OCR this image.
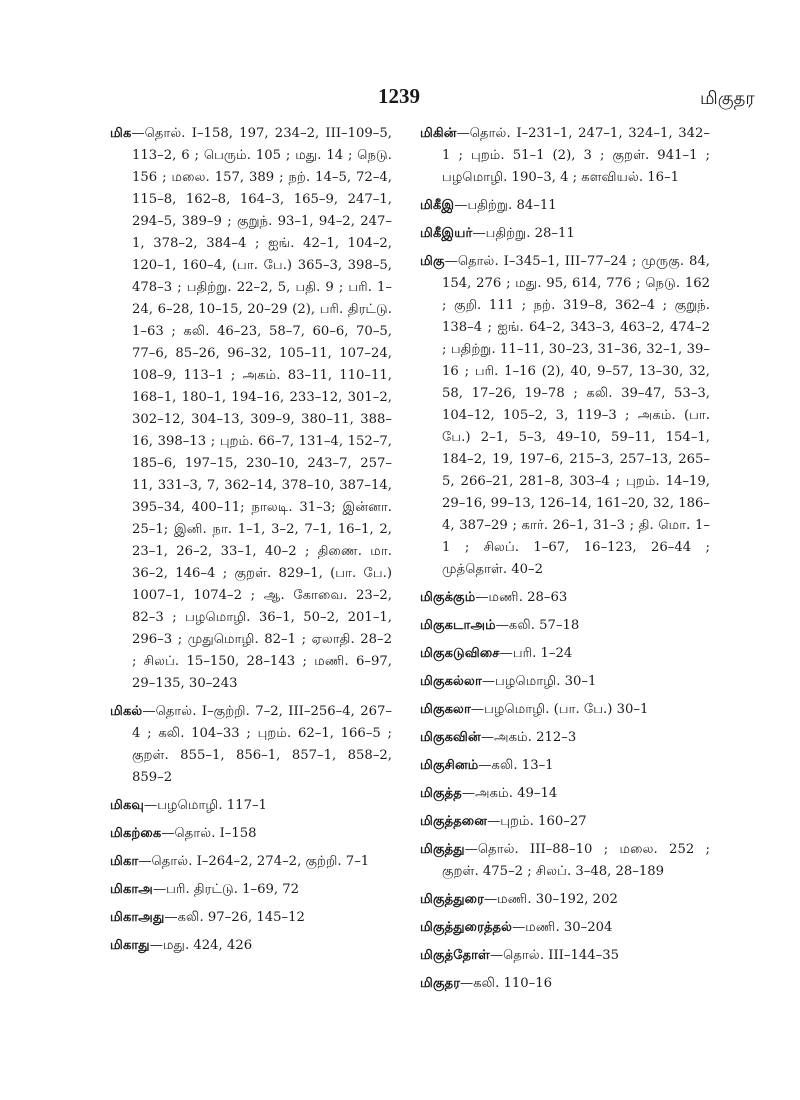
1239	மிகுதர

மிக—தொல். I–158, 197, 234–2, III–109–5, 113–2, 6 ; பெரும். 105 ; மது. 14 ; நெடு. 156 ; மலை. 157, 389 ; நற். 14–5, 72–4, 115–8, 162–8, 164–3, 165–9, 247–1, 294–5, 389–9 ; குறுந். 93–1, 94–2, 247–1, 378–2, 384–4 ; ஐங். 42–1, 104–2, 120–1, 160–4, (பா. பே.) 365–3, 398–5, 478–3 ; பதிற்று. 22–2, 5, பதி. 9 ; பரி. 1–24, 6–28, 10–15, 20–29 (2), பரி. திரட்டு. 1–63 ; கலி. 46–23, 58–7, 60–6, 70–5, 77–6, 85–26, 96–32, 105–11, 107–24, 108–9, 113–1 ; அகம். 83–11, 110–11, 168–1, 180–1, 194–16, 233–12, 301–2, 302–12, 304–13, 309–9, 380–11, 388–16, 398–13 ; புறம். 66–7, 131–4, 152–7, 185–6, 197–15, 230–10, 243–7, 257–11, 331–3, 7, 362–14, 378–10, 387–14, 395–34, 400–11; நாலடி. 31–3; இன்னா. 25–1; இனி. நா. 1–1, 3–2, 7–1, 16–1, 2, 23–1, 26–2, 33–1, 40–2 ; திணை. மா. 36–2, 146–4 ; குறள். 829–1, (பா. பே.) 1007–1, 1074–2 ; ஆ. கோவை. 23–2, 82–3 ; பழமொழி. 36–1, 50–2, 201–1, 296–3 ; முதுமொழி. 82–1 ; ஏலாதி. 28–2 ; சிலப். 15–150, 28–143 ; மணி. 6–97, 29–135, 30–243

மிகல்—தொல். I–குற்றி. 7–2, III–256–4, 267–4 ; கலி. 104–33 ; புறம். 62–1, 166–5 ; குறள். 855–1, 856–1, 857–1, 858–2, 859–2

மிகவு—பழமொழி. 117–1

மிகற்கை—தொல். I–158

மிகா—தொல். I–264–2, 274–2, குற்றி. 7–1

மிகாஅ—பரி. திரட்டு. 1–69, 72

மிகாஅது—கலி. 97–26, 145–12

மிகாது—மது. 424, 426

மிகின்—தொல். I–231–1, 247–1, 324–1, 342–1 ; புறம். 51–1 (2), 3 ; குறள். 941–1 ; பழமொழி. 190–3, 4 ; களவியல். 16–1

மிகீஇ—பதிற்று. 84–11

மிகீஇயர்—பதிற்று. 28–11

மிகு—தொல். I–345–1, III–77–24 ; முருகு. 84, 154, 276 ; மது. 95, 614, 776 ; நெடு. 162 ; குறி. 111 ; நற். 319–8, 362–4 ; குறுந். 138–4 ; ஐங். 64–2, 343–3, 463–2, 474–2 ; பதிற்று. 11–11, 30–23, 31–36, 32–1, 39–16 ; பரி. 1–16 (2), 40, 9–57, 13–30, 32, 58, 17–26, 19–78 ; கலி. 39–47, 53–3, 104–12, 105–2, 3, 119–3 ; அகம். (பா. பே.) 2–1, 5–3, 49–10, 59–11, 154–1, 184–2, 19, 197–6, 215–3, 257–13, 265–5, 266–21, 281–8, 303–4 ; புறம். 14–19, 29–16, 99–13, 126–14, 161–20, 32, 186–4, 387–29 ; கார். 26–1, 31–3 ; தி. மொ. 1–1 ; சிலப். 1–67, 16–123, 26–44 ; முத்தொள். 40–2

மிகுக்கும்—மணி. 28–63

மிகுகடாஅம்—கலி. 57–18

மிகுகடுவிசை—பரி. 1–24

மிகுகல்லா—பழமொழி. 30–1

மிகுகலா—பழமொழி. (பா. பே.) 30–1

மிகுகவின்—அகம். 212–3

மிகுசினம்—கலி. 13–1

மிகுத்த—அகம். 49–14

மிகுத்தனை—புறம். 160–27

மிகுத்து—தொல். III–88–10 ; மலை. 252 ; குறள். 475–2 ; சிலப். 3–48, 28–189

மிகுத்துரை—மணி. 30–192, 202

மிகுத்துரைத்தல்—மணி. 30–204

மிகுத்தோள்—தொல். III–144–35

மிகுதர—கலி. 110–16
